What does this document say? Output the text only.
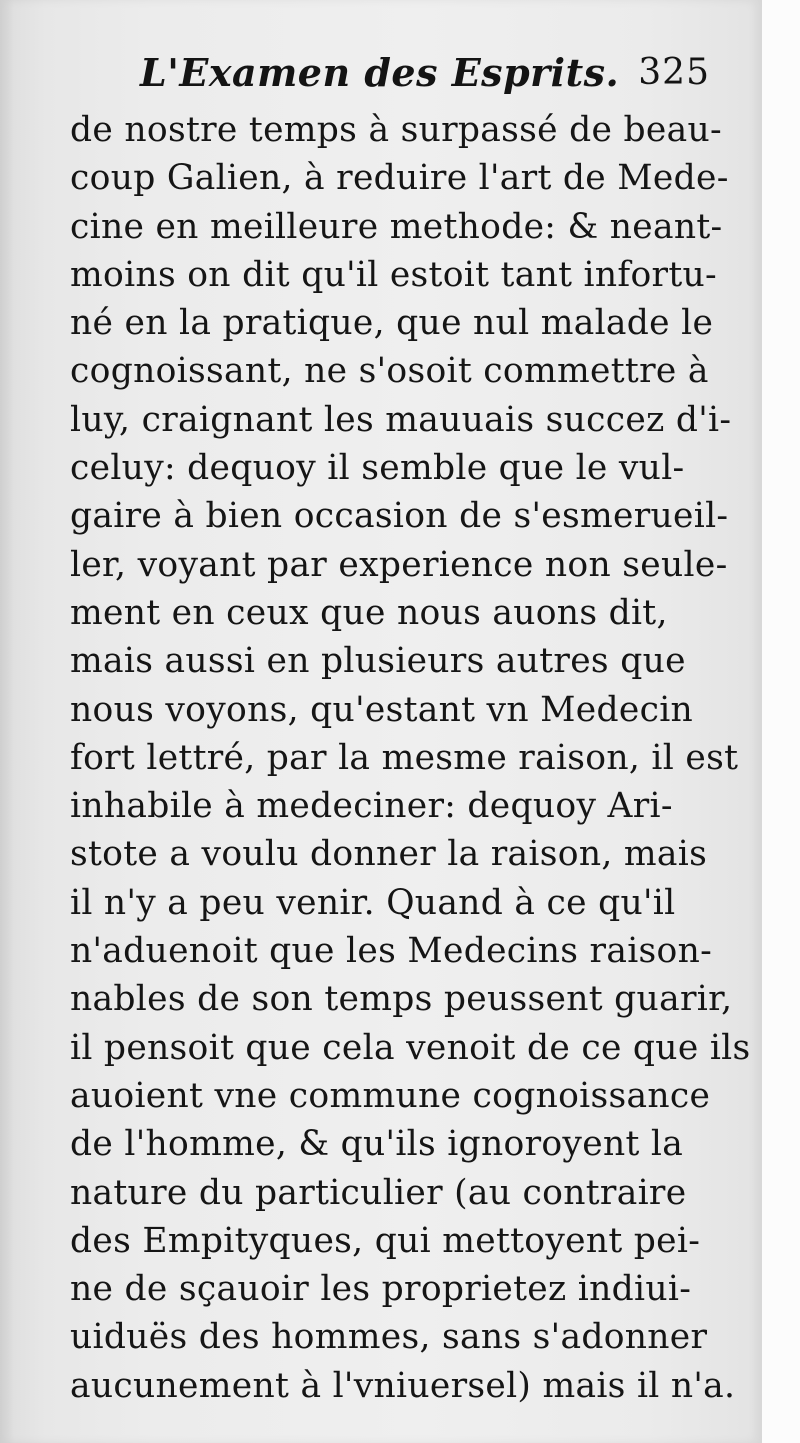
L'Examen des Esprits. 325
de nostre temps à surpassé de beau-
coup Galien, à reduire l'art de Mede-
cine en meilleure methode: & neant-
moins on dit qu'il estoit tant infortu-
né en la pratique, que nul malade le
cognoissant, ne s'osoit commettre à
luy, craignant les mauuais succez d'i-
celuy: dequoy il semble que le vul-
gaire à bien occasion de s'esmerueil-
ler, voyant par experience non seule-
ment en ceux que nous auons dit,
mais aussi en plusieurs autres que
nous voyons, qu'estant vn Medecin
fort lettré, par la mesme raison, il est
inhabile à medeciner: dequoy Ari-
stote a voulu donner la raison, mais
il n'y a peu venir. Quand à ce qu'il
n'aduenoit que les Medecins raison-
nables de son temps peussent guarir,
il pensoit que cela venoit de ce que ils
auoient vne commune cognoissance
de l'homme, & qu'ils ignoroyent la
nature du particulier (au contraire
des Empityques, qui mettoyent pei-
ne de sçauoir les proprietez indiui-
uiduës des hommes, sans s'adonner
aucunement à l'vniuersel) mais il n'a.
